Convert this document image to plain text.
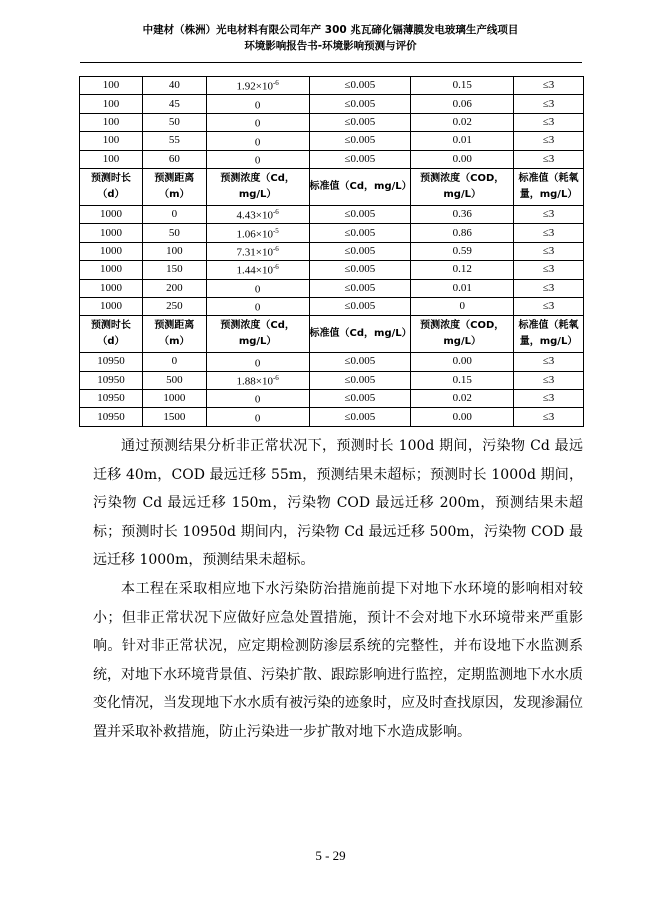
中建材（株洲）光电材料有限公司年产 300 兆瓦碲化镉薄膜发电玻璃生产线项目
环境影响报告书-环境影响预测与评价
100	40	$1.92\times 10^{-6}$	≤0.005	0.15	≤3
100	45	0	≤0.005	0.06	≤3
100	50	0	≤0.005	0.02	≤3
100	55	0	≤0.005	0.01	≤3
100	60	0	≤0.005	0.00	≤3
预测时长（d）	预测距离（m）	预测浓度（Cd，mg/L）	标准值（Cd，mg/L）	预测浓度（COD，mg/L）	标准值（耗氧量，mg/L）
1000	0	$4.43\times 10^{-6}$	≤0.005	0.36	≤3
1000	50	$1.06\times 10^{-5}$	≤0.005	0.86	≤3
1000	100	$7.31\times 10^{-6}$	≤0.005	0.59	≤3
1000	150	$1.44\times 10^{-6}$	≤0.005	0.12	≤3
1000	200	0	≤0.005	0.01	≤3
1000	250	0	≤0.005	0	≤3
预测时长（d）	预测距离（m）	预测浓度（Cd，mg/L）	标准值（Cd，mg/L）	预测浓度（COD，mg/L）	标准值（耗氧量，mg/L）
10950	0	0	≤0.005	0.00	≤3
10950	500	$1.88\times 10^{-6}$	≤0.005	0.15	≤3
10950	1000	0	≤0.005	0.02	≤3
10950	1500	0	≤0.005	0.00	≤3

通过预测结果分析非正常状况下，预测时长 100d 期间，污染物 Cd 最远迁移 40m，COD 最远迁移 55m，预测结果未超标；预测时长 1000d 期间，污染物 Cd 最远迁移 150m，污染物 COD 最远迁移 200m，预测结果未超标；预测时长 10950d 期间内，污染物 Cd 最远迁移 500m，污染物 COD 最远迁移 1000m，预测结果未超标。

本工程在采取相应地下水污染防治措施前提下对地下水环境的影响相对较小；但非正常状况下应做好应急处置措施，预计不会对地下水环境带来严重影响。针对非正常状况，应定期检测防渗层系统的完整性，并布设地下水监测系统，对地下水环境背景值、污染扩散、跟踪影响进行监控，定期监测地下水水质变化情况，当发现地下水水质有被污染的迹象时，应及时查找原因，发现渗漏位置并采取补救措施，防止污染进一步扩散对地下水造成影响。

5 - 29
